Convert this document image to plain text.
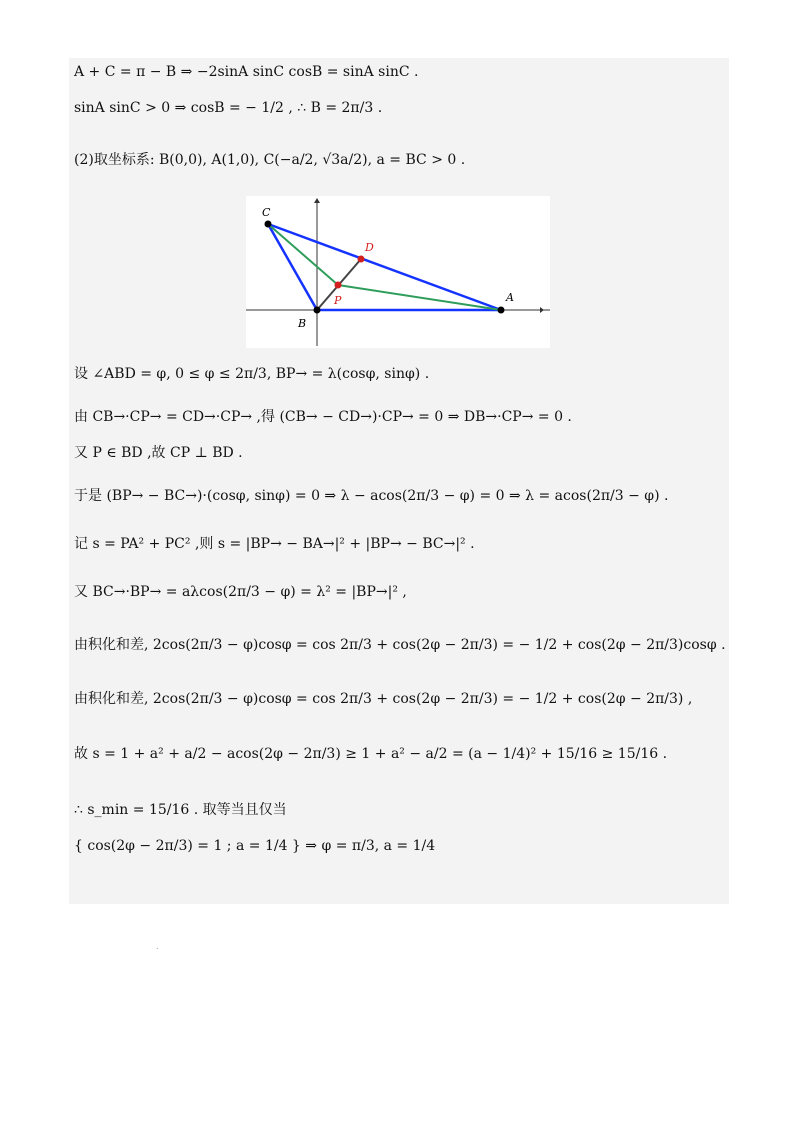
A + C = π − B ⇒ −2sinA sinC cosB = sinA sinC .
sinA sinC > 0 ⇒ cosB = − 1/2 , ∴ B = 2π/3 .
(2)取坐标系: B(0,0), A(1,0), C(−a/2, √3a/2), a = BC > 0 .
C
D
P	A
B
设 ∠ABD = φ, 0 ≤ φ ≤ 2π/3, BP→ = λ(cosφ, sinφ) .
由 CB→·CP→ = CD→·CP→ ,得 (CB→ − CD→)·CP→ = 0 ⇒ DB→·CP→ = 0 .
又 P ∈ BD ,故 CP ⊥ BD .
于是 (BP→ − BC→)·(cosφ, sinφ) = 0 ⇒ λ − acos(2π/3 − φ) = 0 ⇒ λ = acos(2π/3 − φ) .
记 s = PA² + PC² ,则 s = |BP→ − BA→|² + |BP→ − BC→|² .
又 BC→·BP→ = aλcos(2π/3 − φ) = λ² = |BP→|² ,
由积化和差, 2cos(2π/3 − φ)cosφ = cos 2π/3 + cos(2φ − 2π/3) = − 1/2 + cos(2φ − 2π/3)cosφ .
由积化和差, 2cos(2π/3 − φ)cosφ = cos 2π/3 + cos(2φ − 2π/3) = − 1/2 + cos(2φ − 2π/3) ,
故 s = 1 + a² + a/2 − acos(2φ − 2π/3) ≥ 1 + a² − a/2 = (a − 1/4)² + 15/16 ≥ 15/16 .
∴ s_min = 15/16 . 取等当且仅当
{ cos(2φ − 2π/3) = 1 ; a = 1/4 } ⇒ φ = π/3, a = 1/4
.
